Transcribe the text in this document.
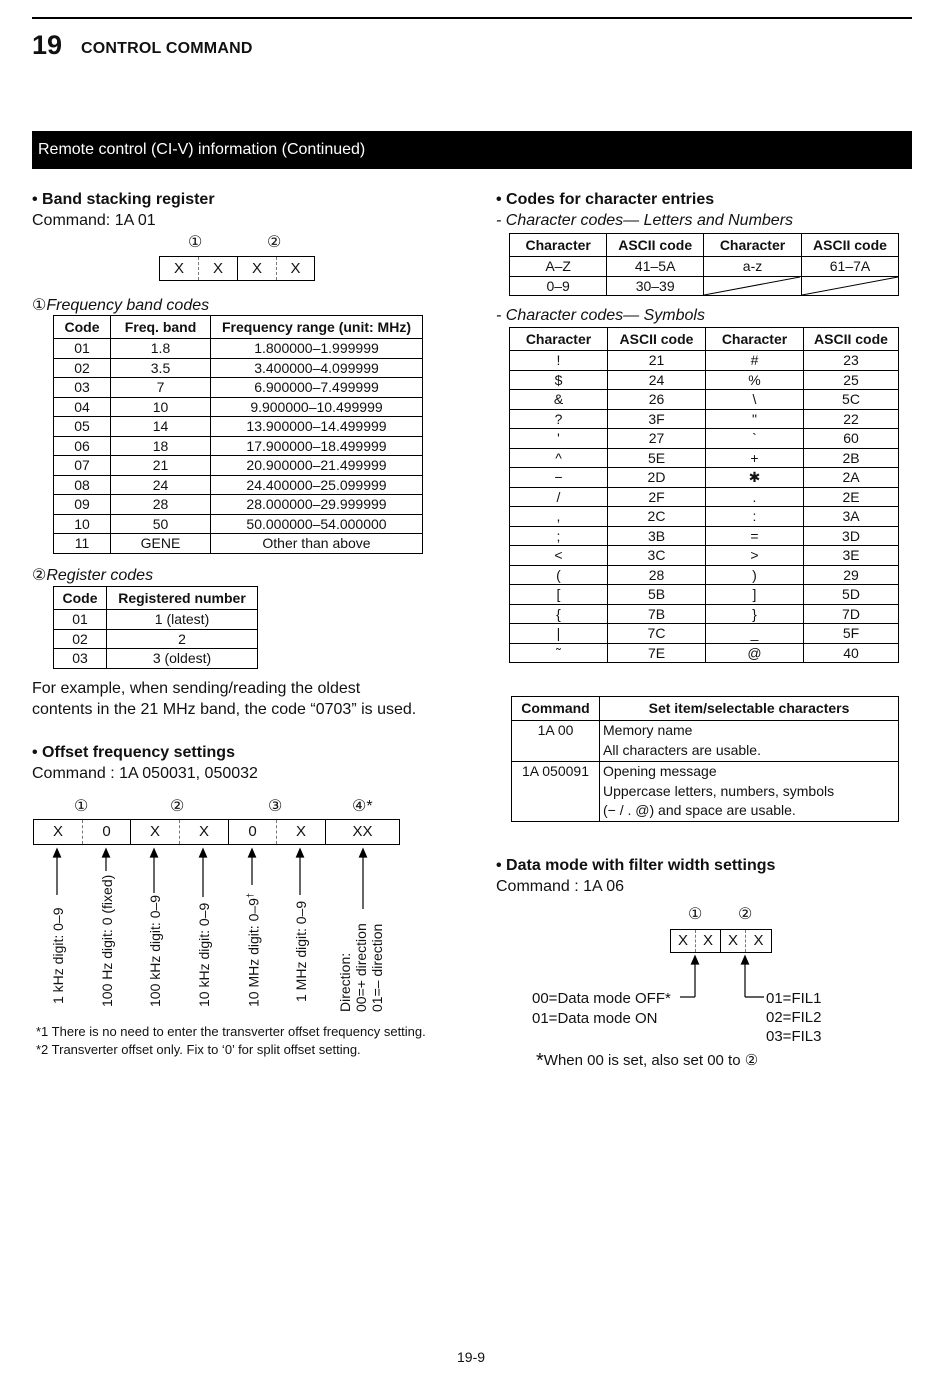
19 CONTROL COMMAND
Remote control (CI-V) information (Continued)
• Band stacking register
Command: 1A 01
①	②
X	X	X	X
①Frequency band codes
Code	Freq. band	Frequency range (unit: MHz)
01	1.8	1.800000–1.999999
02	3.5	3.400000–4.099999
03	7	6.900000–7.499999
04	10	9.900000–10.499999
05	14	13.900000–14.499999
06	18	17.900000–18.499999
07	21	20.900000–21.499999
08	24	24.400000–25.099999
09	28	28.000000–29.999999
10	50	50.000000–54.000000
11	GENE	Other than above
②Register codes
Code	Registered number
01	1 (latest)
02	2
03	3 (oldest)
For example, when sending/reading the oldest
contents in the 21 MHz band, the code “0703” is used.
• Offset frequency settings
Command : 1A 050031, 050032
①	②	③	④*
X	0	X	X	0	X	XX
1 kHz digit: 0–9 100 Hz digit: 0 (fixed) 100 kHz digit: 0–9 10 kHz digit: 0–9 10 MHz digit: 0–9†
1 MHz digit: 0–9 Direction: 00=+ direction 01=– direction
*1 There is no need to enter the transverter offset frequency setting.
*2 Transverter offset only. Fix to ‘0’ for split offset setting.
• Codes for character entries
- Character codes— Letters and Numbers
Character	ASCII code	Character	ASCII code
A–Z	41–5A	a-z	61–7A
0–9	30–39	

- Character codes— Symbols
Character	ASCII code	Character	ASCII code
!	21	#	23
$	24	%	25
&	26	\	5C
?	3F	"	22
'	27	`	60
^	5E	+	2B
−	2D	✱	2A
/	2F	.	2E
,	2C	:	3A
;	3B	=	3D
<	3C	>	3E
(	28	)	29
[	5B	]	5D
{	7B	}	7D
|	7C	_	5F
˜	7E	@	40
Command	Set item/selectable characters
1A 00	Memory name
All characters are usable.

1A 050091	Opening message
Uppercase letters, numbers, symbols
(− / . @) and space are usable.
• Data mode with filter width settings
Command : 1A 06
① ②
X X X	X
00=Data mode OFF*
01=Data mode ON
01=FIL1
02=FIL2
03=FIL3
*When 00 is set, also set 00 to ②
19-9
